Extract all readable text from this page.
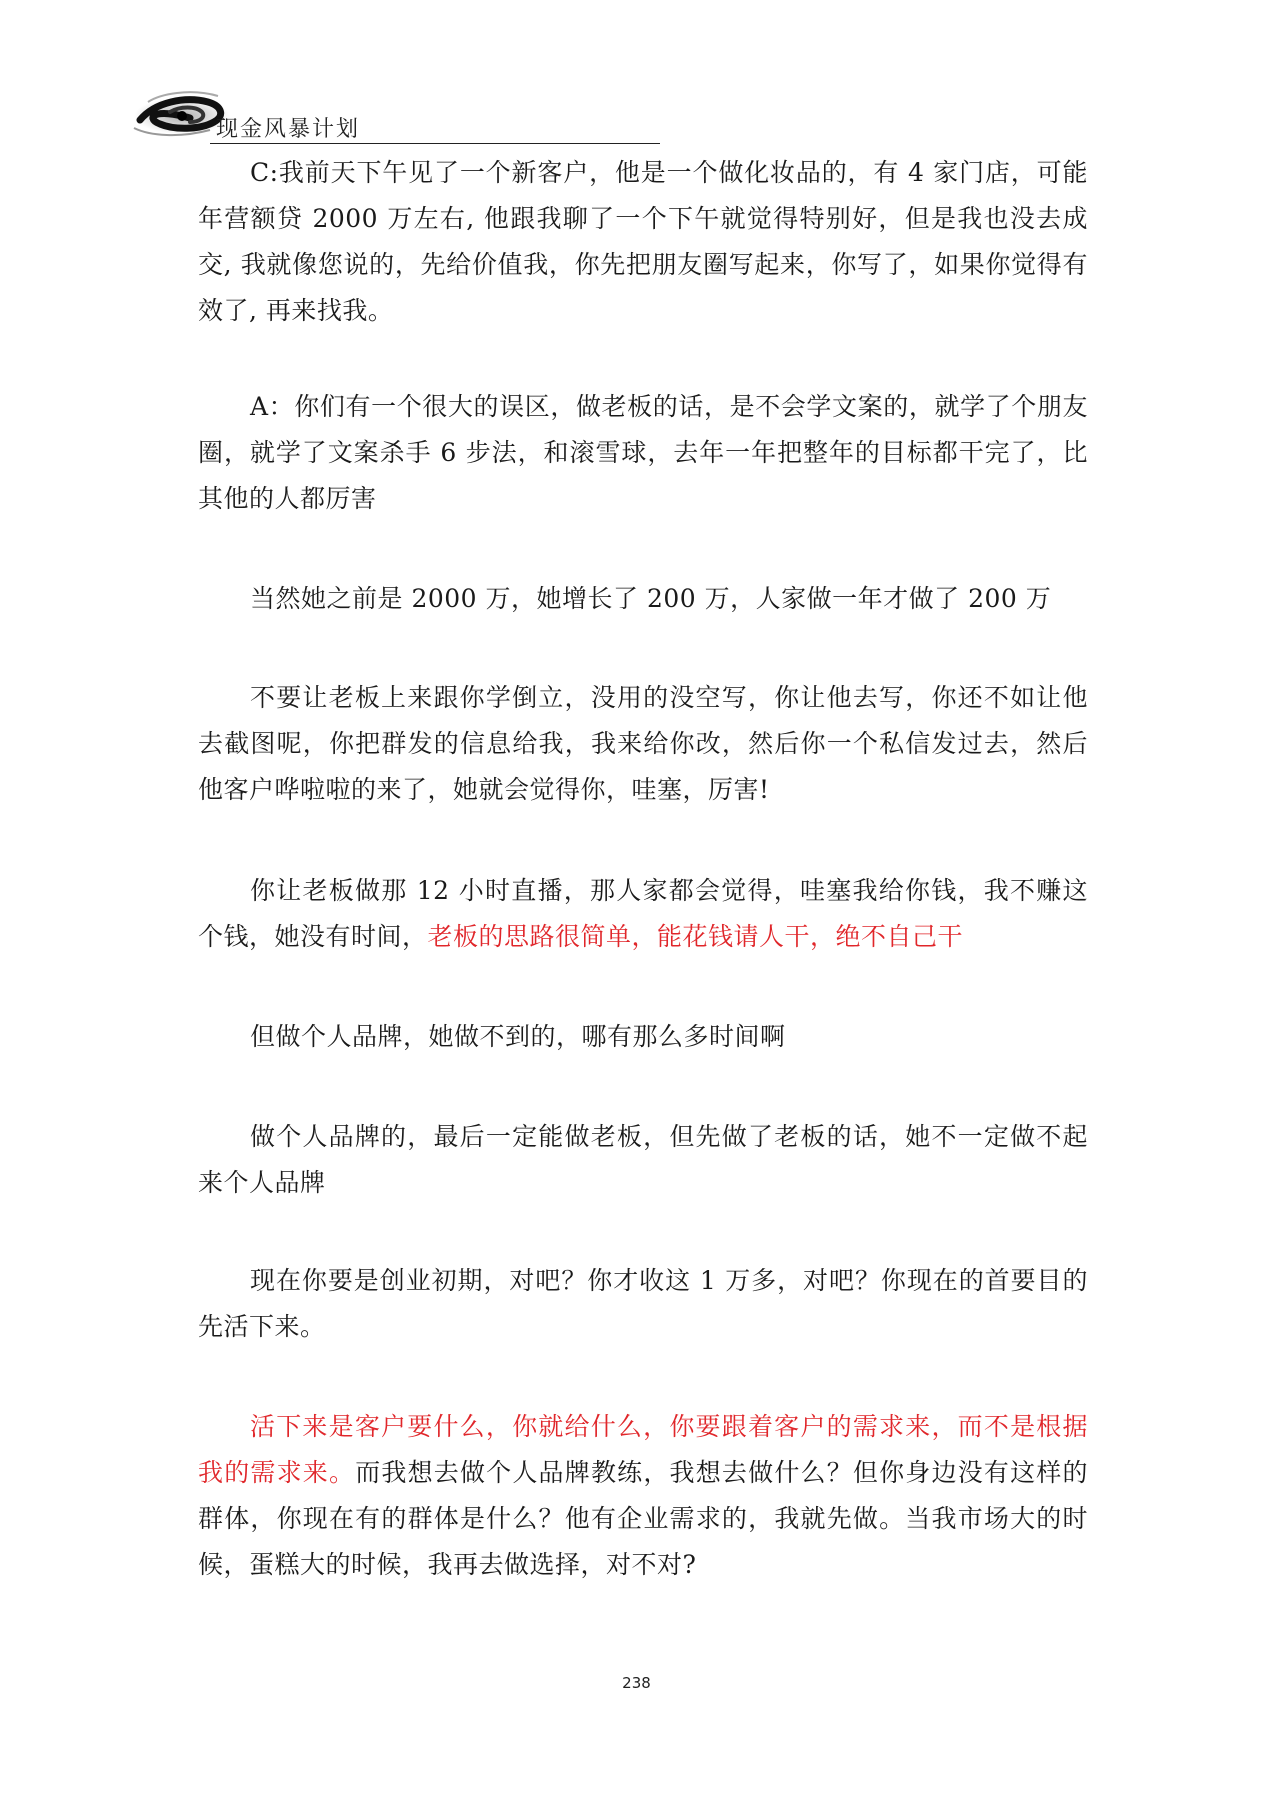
现金风暴计划
C:我前天下午见了一个新客户，他是一个做化妆品的，有 4 家门店，可能年营额贷 2000 万左右, 他跟我聊了一个下午就觉得特别好，但是我也没去成交, 我就像您说的，先给价值我，你先把朋友圈写起来，你写了，如果你觉得有效了, 再来找我。
A：你们有一个很大的误区，做老板的话，是不会学文案的，就学了个朋友圈，就学了文案杀手 6 步法，和滚雪球，去年一年把整年的目标都干完了，比其他的人都厉害
当然她之前是 2000 万，她增长了 200 万，人家做一年才做了 200 万
不要让老板上来跟你学倒立，没用的没空写，你让他去写，你还不如让他去截图呢，你把群发的信息给我，我来给你改，然后你一个私信发过去，然后他客户哗啦啦的来了，她就会觉得你，哇塞，厉害!
你让老板做那 12 小时直播，那人家都会觉得，哇塞我给你钱，我不赚这个钱，她没有时间，老板的思路很简单，能花钱请人干，绝不自己干
但做个人品牌，她做不到的，哪有那么多时间啊
做个人品牌的，最后一定能做老板，但先做了老板的话，她不一定做不起来个人品牌
现在你要是创业初期，对吧？你才收这 1 万多，对吧？你现在的首要目的先活下来。
活下来是客户要什么，你就给什么，你要跟着客户的需求来，而不是根据我的需求来。而我想去做个人品牌教练，我想去做什么？但你身边没有这样的群体，你现在有的群体是什么？他有企业需求的，我就先做。当我市场大的时候，蛋糕大的时候，我再去做选择，对不对?
238
